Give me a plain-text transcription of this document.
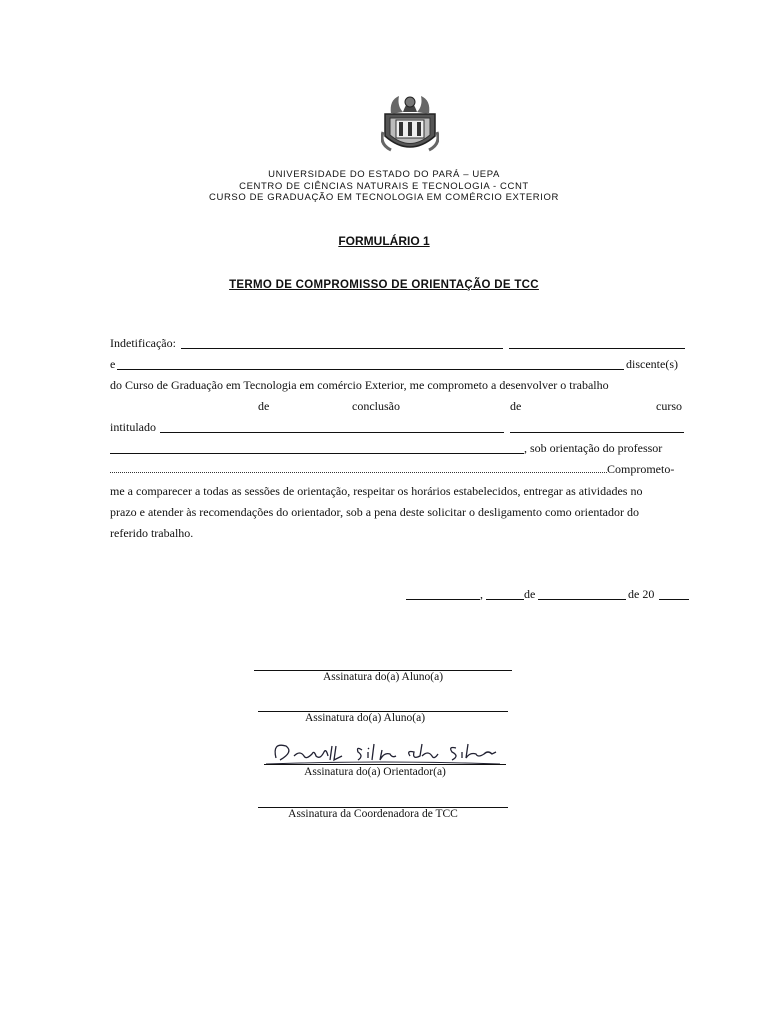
UNIVERSIDADE DO ESTADO DO PARÁ – UEPA
CENTRO DE CIÊNCIAS NATURAIS E TECNOLOGIA - CCNT
CURSO DE GRADUAÇÃO EM TECNOLOGIA EM COMÉRCIO EXTERIOR
FORMULÁRIO 1
TERMO DE COMPROMISSO DE ORIENTAÇÃO DE TCC
Indetificação:
e	discente(s)
do Curso de Graduação em Tecnologia em comércio Exterior, me comprometo a desenvolver o trabalho
de	conclusão	de	curso
intitulado
, sob orientação do professor
Comprometo-
me a comparecer a todas as sessões de orientação, respeitar os horários estabelecidos, entregar as atividades no
prazo e atender às recomendações do orientador, sob a pena deste solicitar o desligamento como orientador do
referido trabalho.
,	de	de 20
Assinatura do(a) Aluno(a)
Assinatura do(a) Aluno(a)
Assinatura do(a) Orientador(a)
Assinatura da Coordenadora de TCC
